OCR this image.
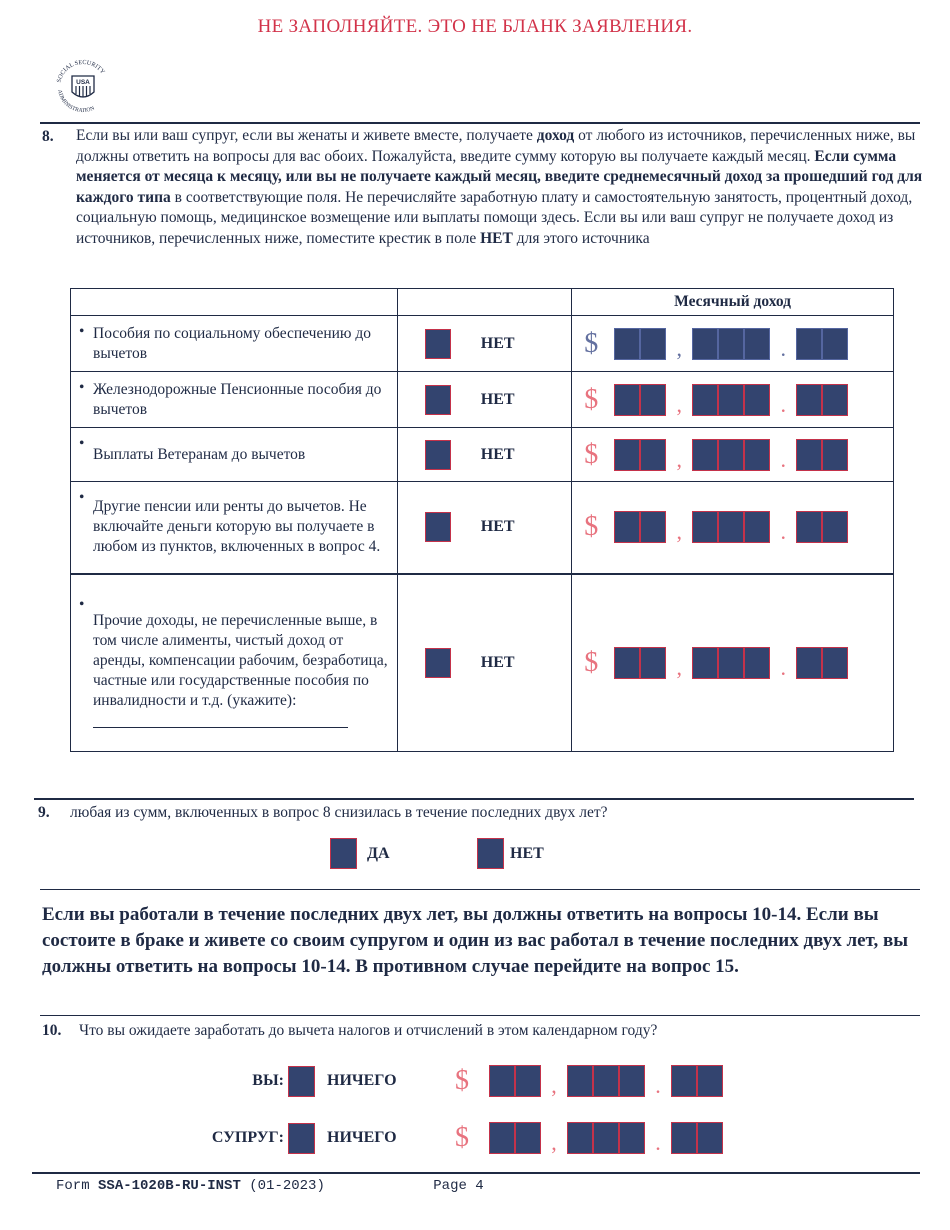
НЕ ЗАПОЛНЯЙТЕ. ЭТО НЕ БЛАНК ЗАЯВЛЕНИЯ.
SOCIAL SECURITY
ADMINISTRATION
USA
8. Если вы или ваш супруг, если вы женаты и живете вместе, получаете доход от любого из источников, перечисленных ниже, вы должны ответить на вопросы для вас обоих. Пожалуйста, введите сумму которую вы получаете каждый месяц. Если сумма меняется от месяца к месяцу, или вы не получаете каждый месяц, введите среднемесячный доход за прошедший год для каждого типа в соответствующие поля. Не перечисляйте заработную плату и самостоятельную занятость, процентный доход, социальную помощь, медицинское возмещение или выплаты помощи здесь. Если вы или ваш супруг не получаете доход из источников, перечисленных ниже, поместите крестик в поле НЕТ для этого источника
		Месячный доход

• Пособия по социальному обеспечению до вычетов	НЕТ	$ , .

• Железнодорожные Пенсионные пособия до вычетов	НЕТ	$ , .

•
Выплаты Ветеранам до вычетов	НЕТ	$ , .

•
Другие пенсии или ренты до вычетов. Не включайте деньги которую вы получаете в любом из пунктов, включенных в вопрос 4.	НЕТ	$ , .

•
Прочие доходы, не перечисленные выше, в том числе алименты, чистый доход от аренды, компенсации рабочим, безработица, частные или государственные пособия по инвалидности и т.д. (укажите):	НЕТ	$ , .
9. любая из сумм, включенных в вопрос 8 снизилась в течение последних двух лет?
ДА	НЕТ
Если вы работали в течение последних двух лет, вы должны ответить на вопросы 10-14. Если вы состоите в браке и живете со своим супругом и один из вас работал в течение последних двух лет, вы должны ответить на вопросы 10-14. В противном случае перейдите на вопрос 15.
10. Что вы ожидаете заработать до вычета налогов и отчислений в этом календарном году?
ВЫ:	НИЧЕГО	$	,	.
СУПРУГ:	НИЧЕГО	$	,	.
Form SSA-1020B-RU-INST (01-2023)	Page 4
